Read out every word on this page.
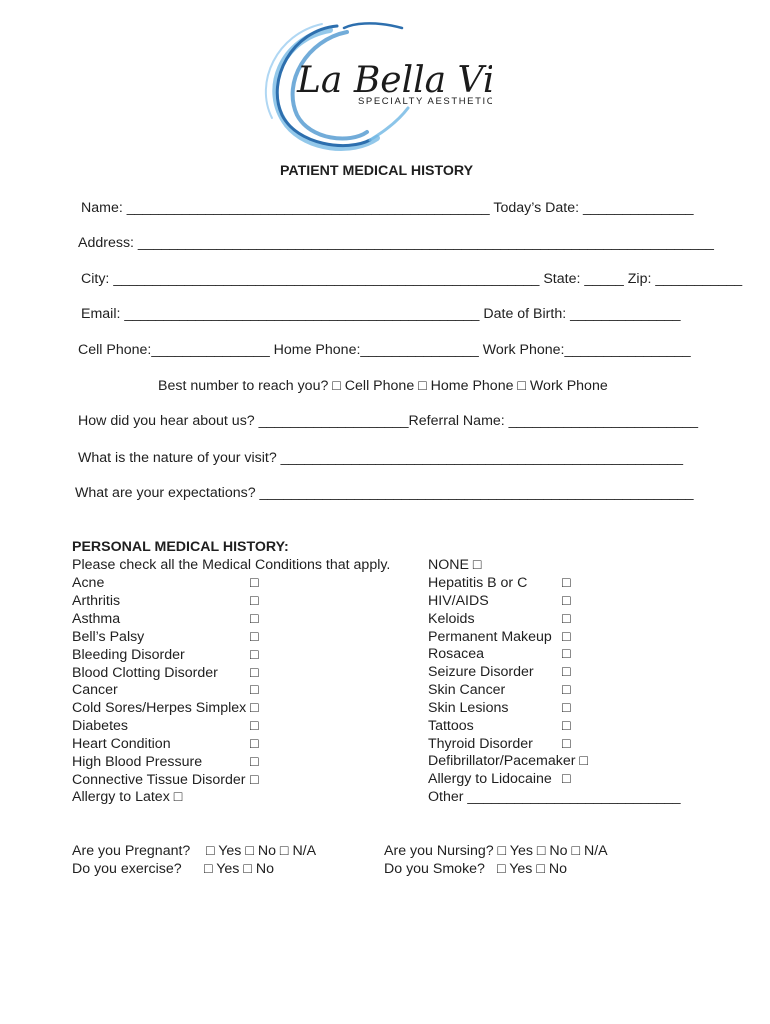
La Bella Vi
SPECIALTY AESTHETICS
PATIENT MEDICAL HISTORY
Name: ______________________________________________ Today’s Date: ______________
Address: _________________________________________________________________________
City: ______________________________________________________ State: _____ Zip: ___________
Email: _____________________________________________ Date of Birth: ______________
Cell Phone:_______________ Home Phone:_______________ Work Phone:________________
Best number to reach you? □ Cell Phone □ Home Phone □ Work Phone
How did you hear about us? ___________________Referral Name: ________________________
What is the nature of your visit? ___________________________________________________
What are your expectations? _______________________________________________________
PERSONAL MEDICAL HISTORY:
Please check all the Medical Conditions that apply.
Acne	□
Arthritis	□
Asthma	□
Bell’s Palsy	□
Bleeding Disorder	□
Blood Clotting Disorder □
Cancer	□
Cold Sores/Herpes Simplex □
Diabetes	□
Heart Condition	□
High Blood Pressure	□
Connective Tissue Disorder □
Allergy to Latex □
NONE □
Hepatitis B or C □
HIV/AIDS	□
Keloids	□
Permanent Makeup □
Rosacea	□
Seizure Disorder □
Skin Cancer	□
Skin Lesions	□
Tattoos	□
Thyroid Disorder □
Defibrillator/Pacemaker □
Allergy to Lidocaine □
Other ___________________________
Are you Pregnant? □ Yes □ No □ N/A
Do you exercise? □ Yes □ No
Are you Nursing? □ Yes □ No □ N/A
Do you Smoke? □ Yes □ No
